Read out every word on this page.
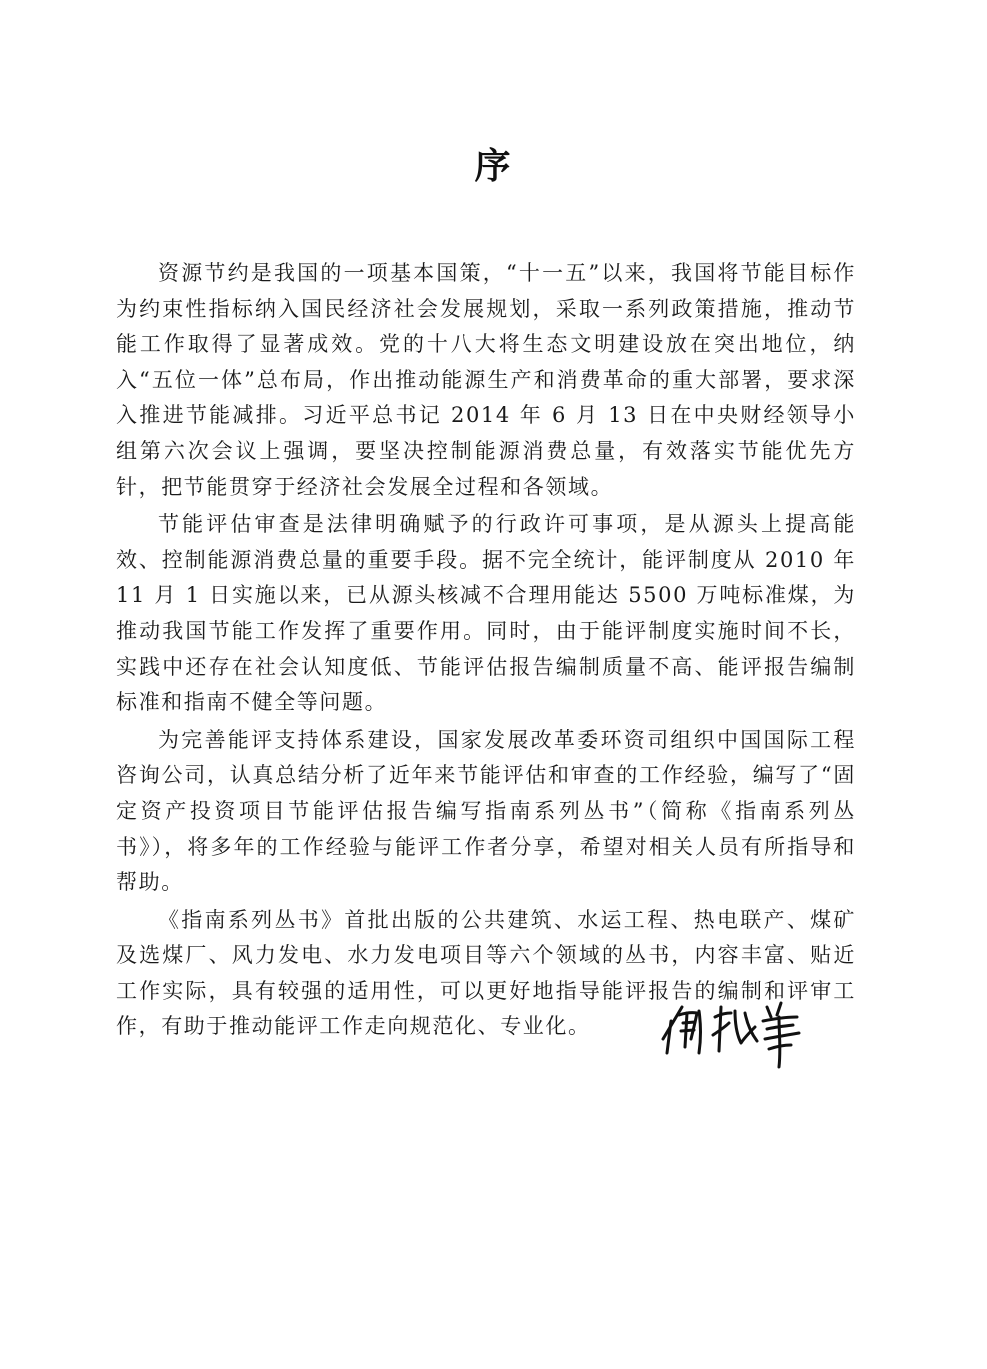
序

资源节约是我国的一项基本国策，“十一五”以来，我国将节能目标作为约束性指标纳入国民经济社会发展规划，采取一系列政策措施，推动节能工作取得了显著成效。党的十八大将生态文明建设放在突出地位，纳入“五位一体”总布局，作出推动能源生产和消费革命的重大部署，要求深入推进节能减排。习近平总书记 2014 年 6 月 13 日在中央财经领导小组第六次会议上强调，要坚决控制能源消费总量，有效落实节能优先方针，把节能贯穿于经济社会发展全过程和各领域。

节能评估审查是法律明确赋予的行政许可事项，是从源头上提高能效、控制能源消费总量的重要手段。据不完全统计，能评制度从 2010 年 11 月 1 日实施以来，已从源头核减不合理用能达 5500 万吨标准煤，为推动我国节能工作发挥了重要作用。同时，由于能评制度实施时间不长，实践中还存在社会认知度低、节能评估报告编制质量不高、能评报告编制标准和指南不健全等问题。

为完善能评支持体系建设，国家发展改革委环资司组织中国国际工程咨询公司，认真总结分析了近年来节能评估和审查的工作经验，编写了“固定资产投资项目节能评估报告编写指南系列丛书”（简称《指南系列丛书》），将多年的工作经验与能评工作者分享，希望对相关人员有所指导和帮助。

《指南系列丛书》首批出版的公共建筑、水运工程、热电联产、煤矿及选煤厂、风力发电、水力发电项目等六个领域的丛书，内容丰富、贴近工作实际，具有较强的适用性，可以更好地指导能评报告的编制和评审工作，有助于推动能评工作走向规范化、专业化。
